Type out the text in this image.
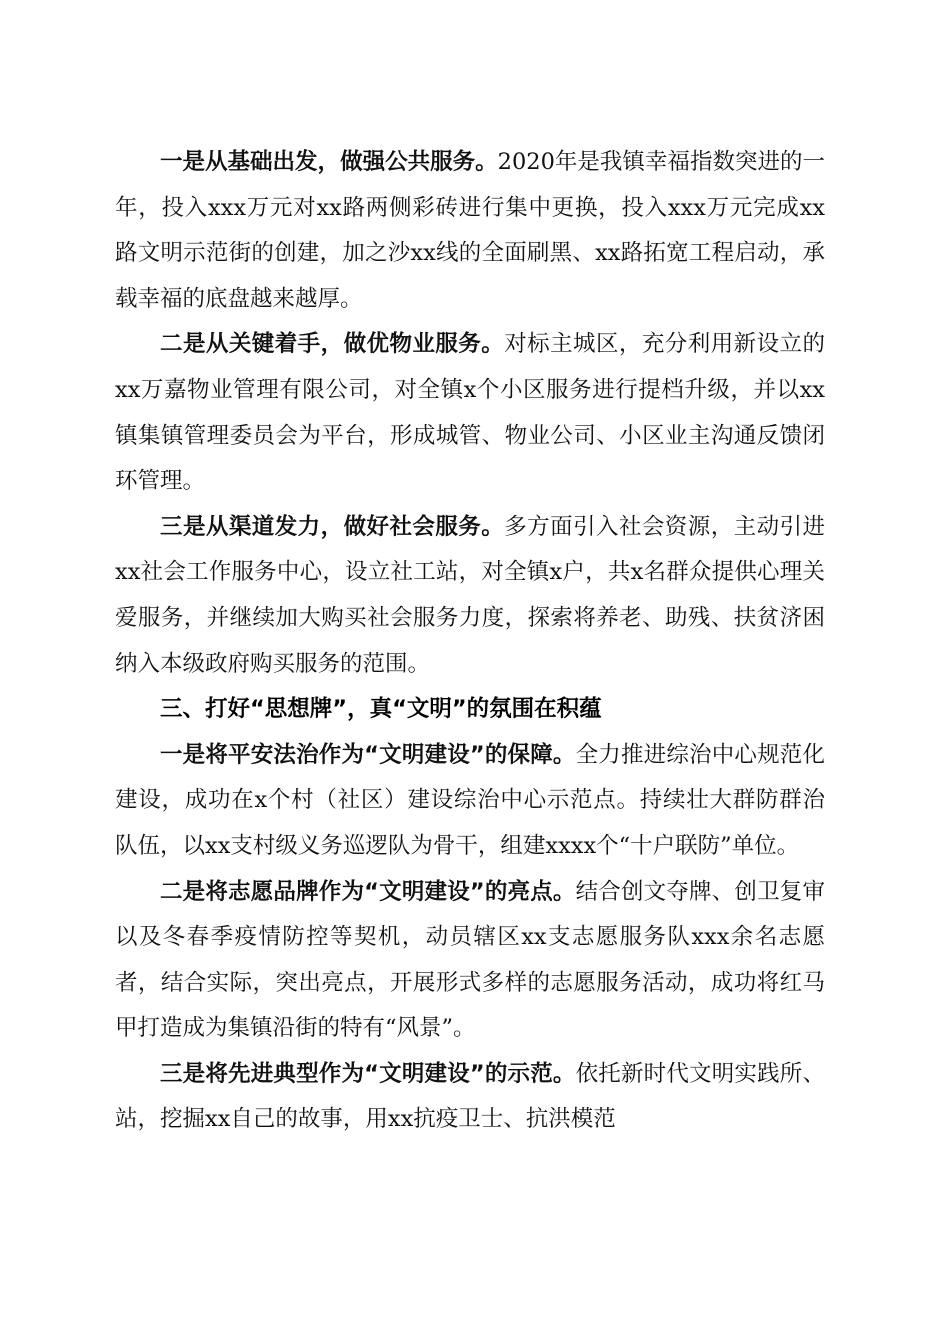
一是从基础出发，做强公共服务。2020年是我镇幸福指数突进的一年，投入xxx万元对xx路两侧彩砖进行集中更换，投入xxx万元完成xx路文明示范街的创建，加之沙xx线的全面刷黑、xx路拓宽工程启动，承载幸福的底盘越来越厚。

二是从关键着手，做优物业服务。对标主城区，充分利用新设立的xx万嘉物业管理有限公司，对全镇x个小区服务进行提档升级，并以xx镇集镇管理委员会为平台，形成城管、物业公司、小区业主沟通反馈闭环管理。

三是从渠道发力，做好社会服务。多方面引入社会资源，主动引进xx社会工作服务中心，设立社工站，对全镇x户，共x名群众提供心理关爱服务，并继续加大购买社会服务力度，探索将养老、助残、扶贫济困纳入本级政府购买服务的范围。

三、打好“思想牌”，真“文明”的氛围在积蕴

一是将平安法治作为“文明建设”的保障。全力推进综治中心规范化建设，成功在x个村（社区）建设综治中心示范点。持续壮大群防群治队伍，以xx支村级义务巡逻队为骨干，组建xxxx个“十户联防”单位。

二是将志愿品牌作为“文明建设”的亮点。结合创文夺牌、创卫复审以及冬春季疫情防控等契机，动员辖区xx支志愿服务队xxx余名志愿者，结合实际，突出亮点，开展形式多样的志愿服务活动，成功将红马甲打造成为集镇沿街的特有“风景”。

三是将先进典型作为“文明建设”的示范。依托新时代文明实践所、站，挖掘xx自己的故事，用xx抗疫卫士、抗洪模范
